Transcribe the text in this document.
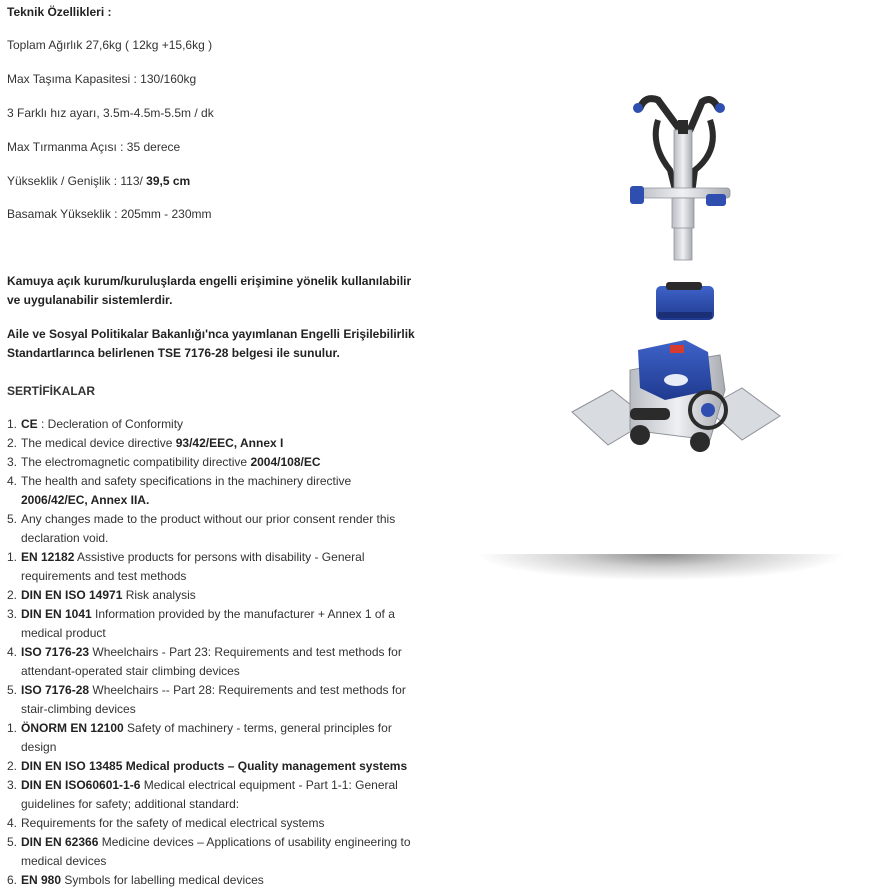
Teknik Özellikleri :

Toplam Ağırlık 27,6kg ( 12kg +15,6kg )

Max Taşıma Kapasitesi : 130/160kg

3 Farklı hız ayarı, 3.5m-4.5m-5.5m / dk

Max Tırmanma Açısı : 35 derece

Yükseklik / Genişlik : 113/ 39,5 cm

Basamak Yükseklik : 205mm - 230mm

Kamuya açık kurum/kuruluşlarda engelli erişimine yönelik kullanılabilir ve uygulanabilir sistemlerdir.

Aile ve Sosyal Politikalar Bakanlığı'nca yayımlanan Engelli Erişilebilirlik Standartlarınca belirlenen TSE 7176-28 belgesi ile sunulur.

SERTİFİKALAR

1. CE : Decleration of Conformity
2. The medical device directive 93/42/EEC, Annex I
3. The electromagnetic compatibility directive 2004/108/EC
4. The health and safety specifications in the machinery directive 2006/42/EC, Annex IIA.
5. Any changes made to the product without our prior consent render this declaration void.
1. EN 12182 Assistive products for persons with disability - General requirements and test methods
2. DIN EN ISO 14971 Risk analysis
3. DIN EN 1041 Information provided by the manufacturer + Annex 1 of a medical product
4. ISO 7176-23 Wheelchairs - Part 23: Requirements and test methods for attendant-operated stair climbing devices
5. ISO 7176-28 Wheelchairs -- Part 28: Requirements and test methods for stair-climbing devices
1. ÖNORM EN 12100 Safety of machinery - terms, general principles for design
2. DIN EN ISO 13485 Medical products – Quality management systems
3. DIN EN ISO60601-1-6 Medical electrical equipment - Part 1-1: General guidelines for safety; additional standard:
4. Requirements for the safety of medical electrical systems
5. DIN EN 62366 Medicine devices – Applications of usability engineering to medical devices
6. EN 980 Symbols for labelling medical devices
